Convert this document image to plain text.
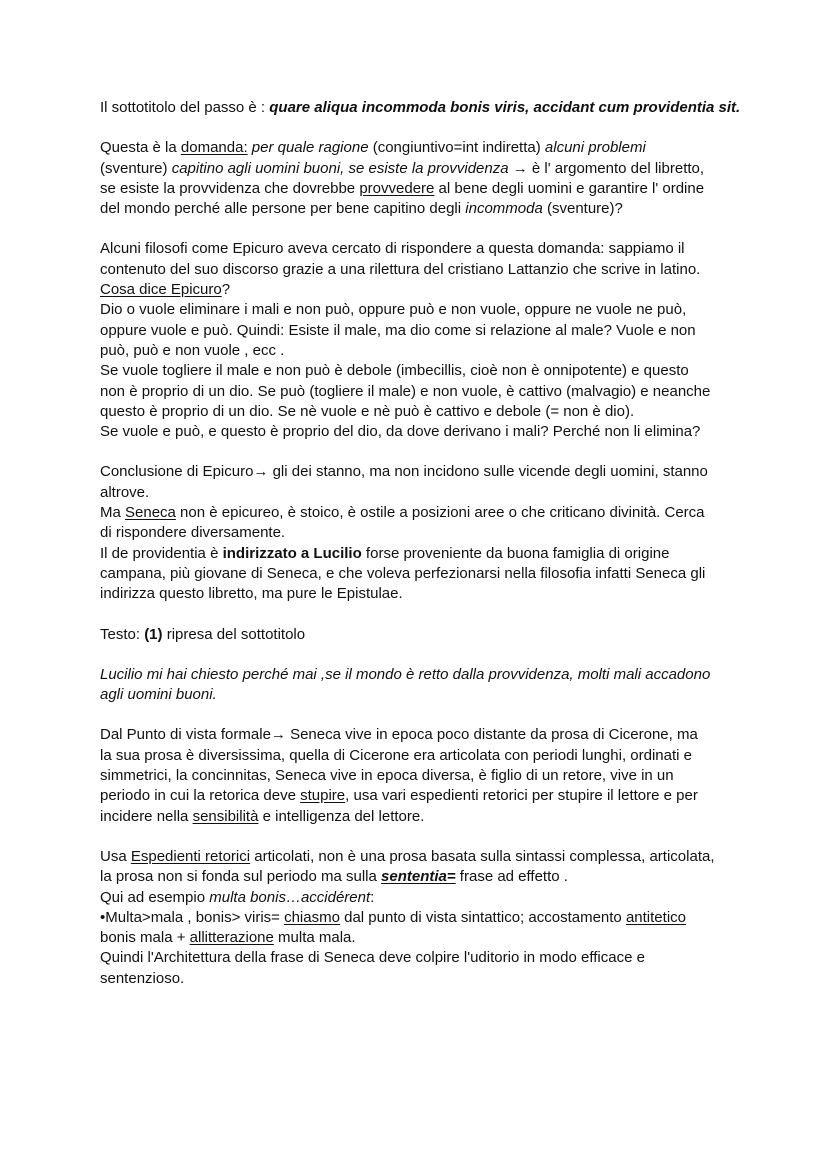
Il sottotitolo del passo è : quare aliqua incommoda bonis viris, accidant cum providentia sit.

Questa è la domanda: per quale ragione (congiuntivo=int indiretta) alcuni problemi
(sventure) capitino agli uomini buoni, se esiste la provvidenza → è l' argomento del libretto,
se esiste la provvidenza che dovrebbe provvedere al bene degli uomini e garantire l' ordine
del mondo perché alle persone per bene capitino degli incommoda (sventure)?

Alcuni filosofi come Epicuro aveva cercato di rispondere a questa domanda: sappiamo il
contenuto del suo discorso grazie a una rilettura del cristiano Lattanzio che scrive in latino.
Cosa dice Epicuro?
Dio o vuole eliminare i mali e non può, oppure può e non vuole, oppure ne vuole ne può,
oppure vuole e può. Quindi: Esiste il male, ma dio come si relazione al male? Vuole e non
può, può e non vuole , ecc .
Se vuole togliere il male e non può è debole (imbecillis, cioè non è onnipotente) e questo
non è proprio di un dio. Se può (togliere il male) e non vuole, è cattivo (malvagio) e neanche
questo è proprio di un dio. Se nè vuole e nè può è cattivo e debole (= non è dio).
Se vuole e può, e questo è proprio del dio, da dove derivano i mali? Perché non li elimina?

Conclusione di Epicuro→ gli dei stanno, ma non incidono sulle vicende degli uomini, stanno
altrove.
Ma Seneca non è epicureo, è stoico, è ostile a posizioni aree o che criticano divinità. Cerca
di rispondere diversamente.
Il de providentia è indirizzato a Lucilio forse proveniente da buona famiglia di origine
campana, più giovane di Seneca, e che voleva perfezionarsi nella filosofia infatti Seneca gli
indirizza questo libretto, ma pure le Epistulae.

Testo: (1) ripresa del sottotitolo

Lucilio mi hai chiesto perché mai ,se il mondo è retto dalla provvidenza, molti mali accadono
agli uomini buoni.

Dal Punto di vista formale→ Seneca vive in epoca poco distante da prosa di Cicerone, ma
la sua prosa è diversissima, quella di Cicerone era articolata con periodi lunghi, ordinati e
simmetrici, la concinnitas, Seneca vive in epoca diversa, è figlio di un retore, vive in un
periodo in cui la retorica deve stupire, usa vari espedienti retorici per stupire il lettore e per
incidere nella sensibilità e intelligenza del lettore.

Usa Espedienti retorici articolati, non è una prosa basata sulla sintassi complessa, articolata,
la prosa non si fonda sul periodo ma sulla sententia= frase ad effetto .
Qui ad esempio multa bonis…accidérent:
•Multa>mala , bonis> viris= chiasmo dal punto di vista sintattico; accostamento antitetico
bonis mala + allitterazione multa mala.
Quindi l'Architettura della frase di Seneca deve colpire l'uditorio in modo efficace e
sentenzioso.
